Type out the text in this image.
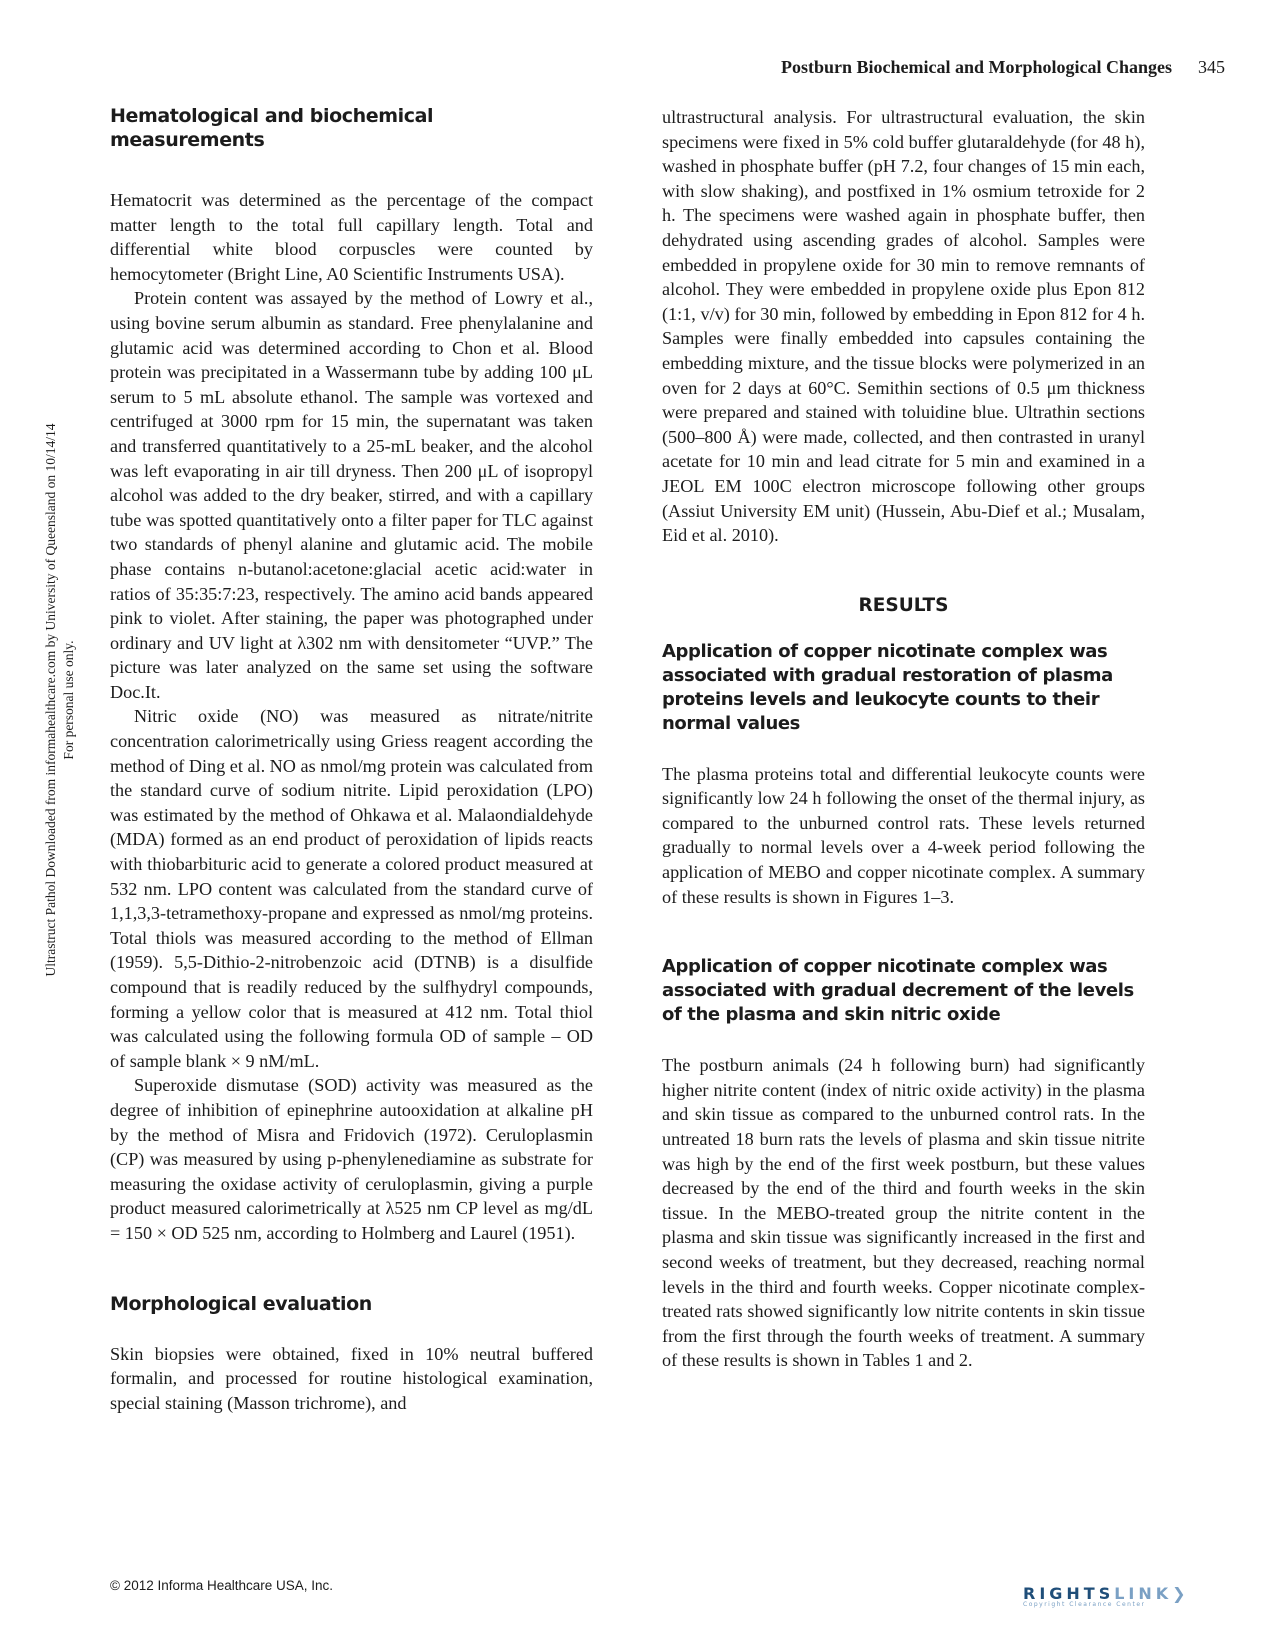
Postburn Biochemical and Morphological Changes 345
Ultrastruct Pathol Downloaded from informahealthcare.com by University of Queensland on 10/14/14 For personal use only.
Hematological and biochemical measurements

Hematocrit was determined as the percentage of the compact matter length to the total full capillary length. Total and differential white blood corpuscles were counted by hemocytometer (Bright Line, A0 Scientific Instruments USA).

Protein content was assayed by the method of Lowry et al., using bovine serum albumin as standard. Free phenylalanine and glutamic acid was determined according to Chon et al. Blood protein was precipitated in a Wassermann tube by adding 100 μL serum to 5 mL absolute ethanol. The sample was vortexed and centrifuged at 3000 rpm for 15 min, the supernatant was taken and transferred quantitatively to a 25-mL beaker, and the alcohol was left evaporating in air till dryness. Then 200 μL of isopropyl alcohol was added to the dry beaker, stirred, and with a capillary tube was spotted quantitatively onto a filter paper for TLC against two standards of phenyl alanine and glutamic acid. The mobile phase contains n-butanol:acetone:glacial acetic acid:water in ratios of 35:35:7:23, respectively. The amino acid bands appeared pink to violet. After staining, the paper was photographed under ordinary and UV light at λ302 nm with densitometer “UVP.” The picture was later analyzed on the same set using the software Doc.It.

Nitric oxide (NO) was measured as nitrate/nitrite concentration calorimetrically using Griess reagent according the method of Ding et al. NO as nmol/mg protein was calculated from the standard curve of sodium nitrite. Lipid peroxidation (LPO) was estimated by the method of Ohkawa et al. Malaondialdehyde (MDA) formed as an end product of peroxidation of lipids reacts with thiobarbituric acid to generate a colored product measured at 532 nm. LPO content was calculated from the standard curve of 1,1,3,3-tetramethoxy-propane and expressed as nmol/mg proteins. Total thiols was measured according to the method of Ellman (1959). 5,5-Dithio-2-nitrobenzoic acid (DTNB) is a disulfide compound that is readily reduced by the sulfhydryl compounds, forming a yellow color that is measured at 412 nm. Total thiol was calculated using the following formula OD of sample – OD of sample blank × 9 nM/mL.

Superoxide dismutase (SOD) activity was measured as the degree of inhibition of epinephrine autooxidation at alkaline pH by the method of Misra and Fridovich (1972). Ceruloplasmin (CP) was measured by using p-phenylenediamine as substrate for measuring the oxidase activity of ceruloplasmin, giving a purple product measured calorimetrically at λ525 nm CP level as mg/dL = 150 × OD 525 nm, according to Holmberg and Laurel (1951).

Morphological evaluation

Skin biopsies were obtained, fixed in 10% neutral buffered formalin, and processed for routine histological examination, special staining (Masson trichrome), and

ultrastructural analysis. For ultrastructural evaluation, the skin specimens were fixed in 5% cold buffer glutaraldehyde (for 48 h), washed in phosphate buffer (pH 7.2, four changes of 15 min each, with slow shaking), and postfixed in 1% osmium tetroxide for 2 h. The specimens were washed again in phosphate buffer, then dehydrated using ascending grades of alcohol. Samples were embedded in propylene oxide for 30 min to remove remnants of alcohol. They were embedded in propylene oxide plus Epon 812 (1:1, v/v) for 30 min, followed by embedding in Epon 812 for 4 h. Samples were finally embedded into capsules containing the embedding mixture, and the tissue blocks were polymerized in an oven for 2 days at 60°C. Semithin sections of 0.5 μm thickness were prepared and stained with toluidine blue. Ultrathin sections (500–800 Å) were made, collected, and then contrasted in uranyl acetate for 10 min and lead citrate for 5 min and examined in a JEOL EM 100C electron microscope following other groups (Assiut University EM unit) (Hussein, Abu-Dief et al.; Musalam, Eid et al. 2010).

RESULTS
Application of copper nicotinate complex was associated with gradual restoration of plasma proteins levels and leukocyte counts to their normal values

The plasma proteins total and differential leukocyte counts were significantly low 24 h following the onset of the thermal injury, as compared to the unburned control rats. These levels returned gradually to normal levels over a 4-week period following the application of MEBO and copper nicotinate complex. A summary of these results is shown in Figures 1–3.

Application of copper nicotinate complex was associated with gradual decrement of the levels of the plasma and skin nitric oxide

The postburn animals (24 h following burn) had significantly higher nitrite content (index of nitric oxide activity) in the plasma and skin tissue as compared to the unburned control rats. In the untreated 18 burn rats the levels of plasma and skin tissue nitrite was high by the end of the first week postburn, but these values decreased by the end of the third and fourth weeks in the skin tissue. In the MEBO-treated group the nitrite content in the plasma and skin tissue was significantly increased in the first and second weeks of treatment, but they decreased, reaching normal levels in the third and fourth weeks. Copper nicotinate complex-treated rats showed significantly low nitrite contents in skin tissue from the first through the fourth weeks of treatment. A summary of these results is shown in Tables 1 and 2.

© 2012 Informa Healthcare USA, Inc.	RIGHTSLINK❯
Copyright Clearance Center
